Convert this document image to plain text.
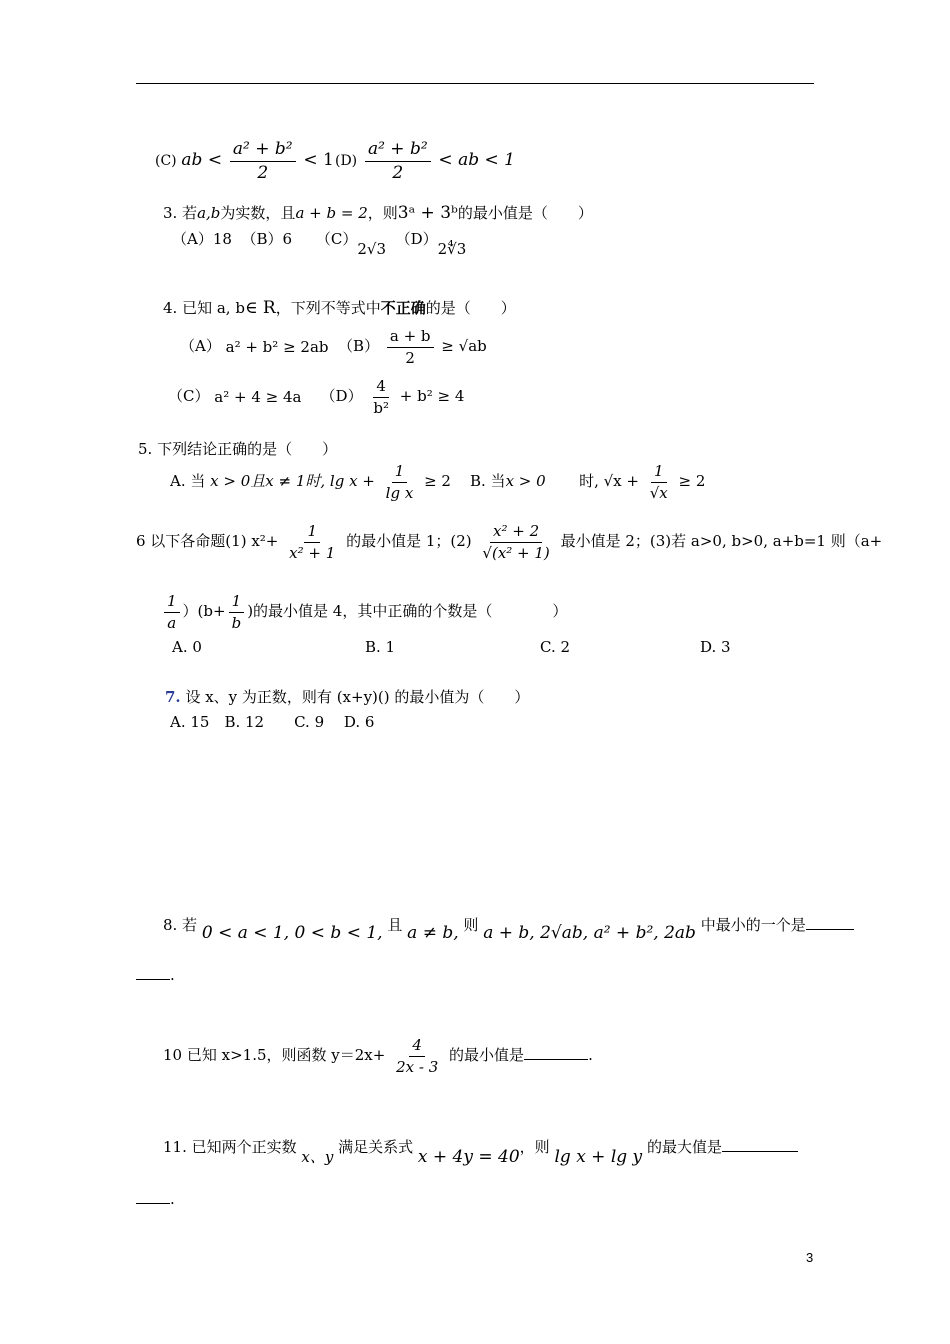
(C) ab < $\frac{\text{a² + b²}}{2} < 1$ $(D) \frac{\text{a² + b²}}{2}$ < ab < 1
3. 若a,b为实数，且a + b = 2，则3ᵃ + 3ᵇ的最小值是（　　）
（A）18 （B）6 （C）2√3  （D）2∜3
4. 已知 a, b∈ R，下列不等式中不正确的是（　　）
（A） a² + b² ≥ 2ab $(B) \frac{a + b}{2} \ge √ab$
（C） a² + 4 ≥ 4a $(D) \frac{4}{\text{b²}} + b^2 \ge 4$
5. 下列结论正确的是（　　）
A. 当 x > 0且x ≠ 1时, $\lg x + \frac{1}{\text{lg x}} \ge 2$ B. 当x > 0 时, $√x + \frac{1}{√x} \ge 2$
6 以下各命题(1) $x^2+ \frac{1}{\text{x² + 1}}$ 的最小值是 1；$(2) \frac{\text{x² + 2}}{\text{√(x² + 1)}}$ 最小值是 2；(3)若 a>0, b>0, a+b=1 则（a+
$\frac{1}{a} )(b+ \frac{1}{b}$ )的最小值是 4，其中正确的个数是（　　　　）
A. 0	B. 1	C. 2	D. 3
7. 设 x、y 为正数，则有 (x+y)() 的最小值为（　　）
A. 15　B. 12　　C. 9　 D. 6
8. 若 0 < a < 1, 0 < b < 1, 且 a ≠ b, 则 a + b, 2√ab, a² + b², 2ab 中最小的一个是
.
10 已知 x>1.5，则函数 $y=2x+ \frac{4}{2x - 3}$ 的最小值是	.
11. 已知两个正实数 x、y 满足关系式 x + 4y = 40，则 lg x + lg y 的最大值是
.
3
